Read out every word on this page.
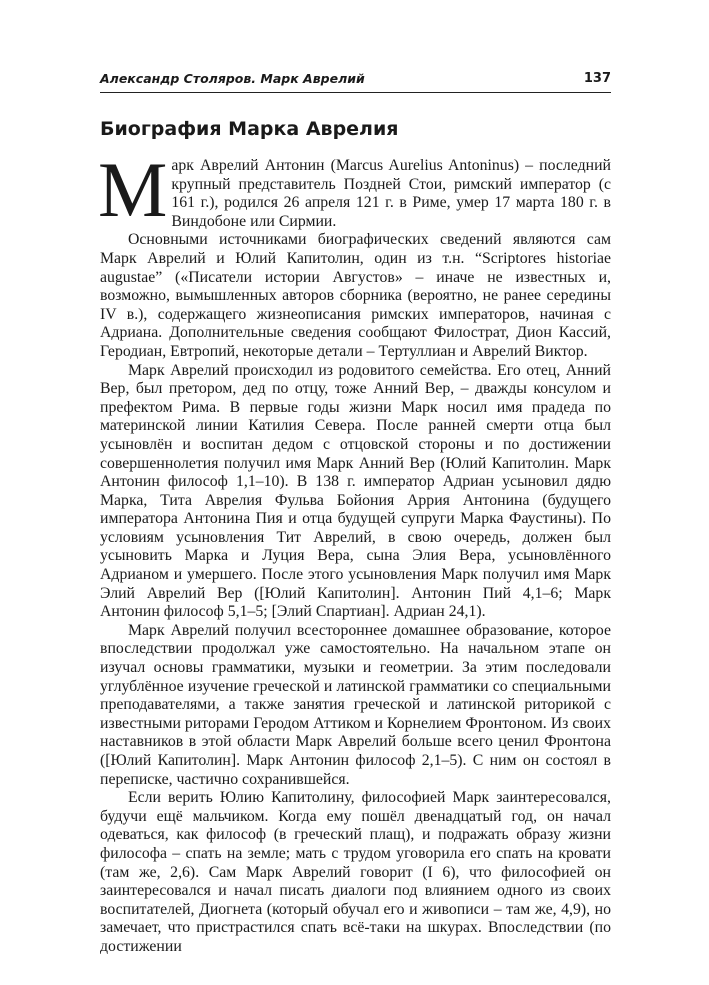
Александр Столяров. Марк Аврелий	137
Биография Марка Аврелия

Марк Аврелий Антонин (Marcus Aurelius Antoninus) – последний крупный представитель Поздней Стои, римский император (с 161 г.), родился 26 апреля 121 г. в Риме, умер 17 марта 180 г. в Виндобоне или Сирмии.

Основными источниками биографических сведений являются сам Марк Аврелий и Юлий Капитолин, один из т.н. “Scriptores historiae augustae” («Писатели истории Августов» – иначе не известных и, возможно, вымышленных авторов сборника (вероятно, не ранее середины IV в.), содержащего жизнеописания римских императоров, начиная с Адриана. Дополнительные сведения сообщают Филострат, Дион Кассий, Геродиан, Евтропий, некоторые детали – Тертуллиан и Аврелий Виктор.

Марк Аврелий происходил из родовитого семейства. Его отец, Анний Вер, был претором, дед по отцу, тоже Анний Вер, – дважды консулом и префектом Рима. В первые годы жизни Марк носил имя прадеда по материнской линии Катилия Севера. После ранней смерти отца был усыновлён и воспитан дедом с отцовской стороны и по достижении совершеннолетия получил имя Марк Анний Вер (Юлий Капитолин. Марк Антонин философ 1,1–10). В 138 г. император Адриан усыновил дядю Марка, Тита Аврелия Фульва Бойония Аррия Антонина (будущего императора Антонина Пия и отца будущей супруги Марка Фаустины). По условиям усыновления Тит Аврелий, в свою очередь, должен был усыновить Марка и Луция Вера, сына Элия Вера, усыновлённого Адрианом и умершего. После этого усыновления Марк получил имя Марк Элий Аврелий Вер ([Юлий Капитолин]. Антонин Пий 4,1–6; Марк Антонин философ 5,1–5; [Элий Спартиан]. Адриан 24,1).

Марк Аврелий получил всестороннее домашнее образование, которое впоследствии продолжал уже самостоятельно. На начальном этапе он изучал основы грамматики, музыки и геометрии. За этим последовали углублённое изучение греческой и латинской грамматики со специальными преподавателями, а также занятия греческой и латинской риторикой с известными риторами Геродом Аттиком и Корнелием Фронтоном. Из своих наставников в этой области Марк Аврелий больше всего ценил Фронтона ([Юлий Капитолин]. Марк Антонин философ 2,1–5). С ним он состоял в переписке, частично сохранившейся.

Если верить Юлию Капитолину, философией Марк заинтересовался, будучи ещё мальчиком. Когда ему пошёл двенадцатый год, он начал одеваться, как философ (в греческий плащ), и подражать образу жизни философа – спать на земле; мать с трудом уговорила его спать на кровати (там же, 2,6). Сам Марк Аврелий говорит (I 6), что философией он заинтересовался и начал писать диалоги под влиянием одного из своих воспитателей, Диогнета (который обучал его и живописи – там же, 4,9), но замечает, что пристрастился спать всё-таки на шкурах. Впоследствии (по достижении
